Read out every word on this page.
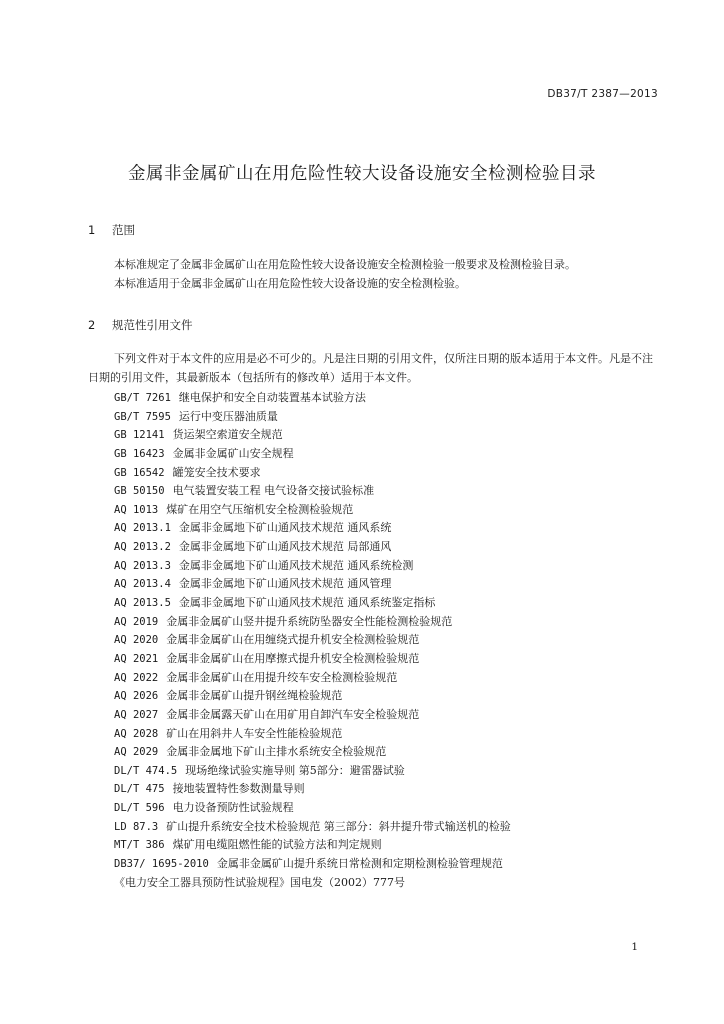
DB37/T 2387—2013
金属非金属矿山在用危险性较大设备设施安全检测检验目录
1 范围
本标准规定了金属非金属矿山在用危险性较大设备设施安全检测检验一般要求及检测检验目录。
本标准适用于金属非金属矿山在用危险性较大设备设施的安全检测检验。
2 规范性引用文件
下列文件对于本文件的应用是必不可少的。凡是注日期的引用文件，仅所注日期的版本适用于本文件。凡是不注日期的引用文件，其最新版本（包括所有的修改单）适用于本文件。
GB/T 7261 继电保护和安全自动装置基本试验方法
GB/T 7595 运行中变压器油质量
GB 12141 货运架空索道安全规范
GB 16423 金属非金属矿山安全规程
GB 16542 罐笼安全技术要求
GB 50150 电气装置安装工程 电气设备交接试验标准
AQ 1013 煤矿在用空气压缩机安全检测检验规范
AQ 2013.1 金属非金属地下矿山通风技术规范 通风系统
AQ 2013.2 金属非金属地下矿山通风技术规范 局部通风
AQ 2013.3 金属非金属地下矿山通风技术规范 通风系统检测
AQ 2013.4 金属非金属地下矿山通风技术规范 通风管理
AQ 2013.5 金属非金属地下矿山通风技术规范 通风系统鉴定指标
AQ 2019 金属非金属矿山竖井提升系统防坠器安全性能检测检验规范
AQ 2020 金属非金属矿山在用缠绕式提升机安全检测检验规范
AQ 2021 金属非金属矿山在用摩擦式提升机安全检测检验规范
AQ 2022 金属非金属矿山在用提升绞车安全检测检验规范
AQ 2026 金属非金属矿山提升钢丝绳检验规范
AQ 2027 金属非金属露天矿山在用矿用自卸汽车安全检验规范
AQ 2028 矿山在用斜井人车安全性能检验规范
AQ 2029 金属非金属地下矿山主排水系统安全检验规范
DL/T 474.5 现场绝缘试验实施导则 第5部分：避雷器试验
DL/T 475 接地装置特性参数测量导则
DL/T 596 电力设备预防性试验规程
LD 87.3 矿山提升系统安全技术检验规范 第三部分：斜井提升带式输送机的检验
MT/T 386 煤矿用电缆阻燃性能的试验方法和判定规则
DB37/ 1695-2010 金属非金属矿山提升系统日常检测和定期检测检验管理规范
《电力安全工器具预防性试验规程》国电发（2002）777号
1
